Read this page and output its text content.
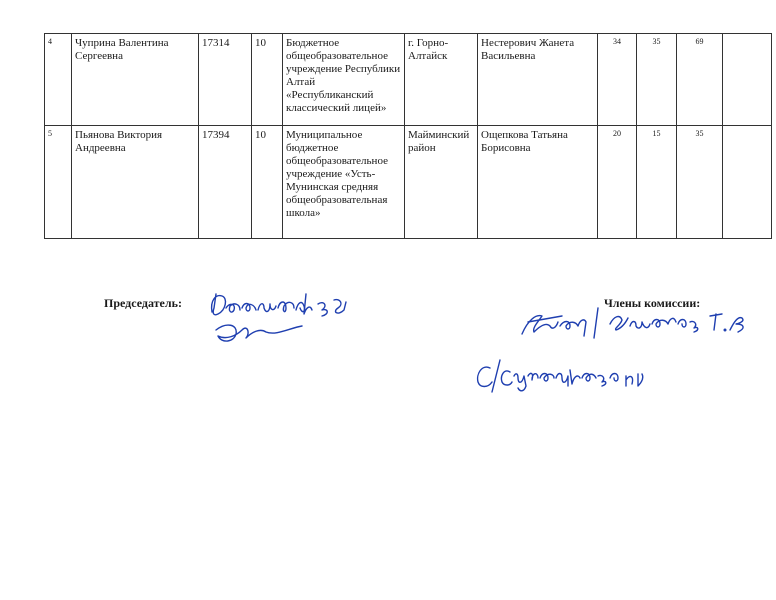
4	Чуприна Валентина Сергеевна	17314	10	Бюджетное общеобразовательное учреждение Республики Алтай «Республиканский классический лицей»	г. Горно-Алтайск	Нестерович Жанета Васильевна	34	35	69	
5	Пьянова Виктория Андреевна	17394	10	Муниципальное бюджетное общеобразовательное учреждение «Усть-Мунинская средняя общеобразовательная школа»	Майминский район	Ощепкова Татьяна Борисовна	20	15	35	
Председатель:	Члены комиссии:
